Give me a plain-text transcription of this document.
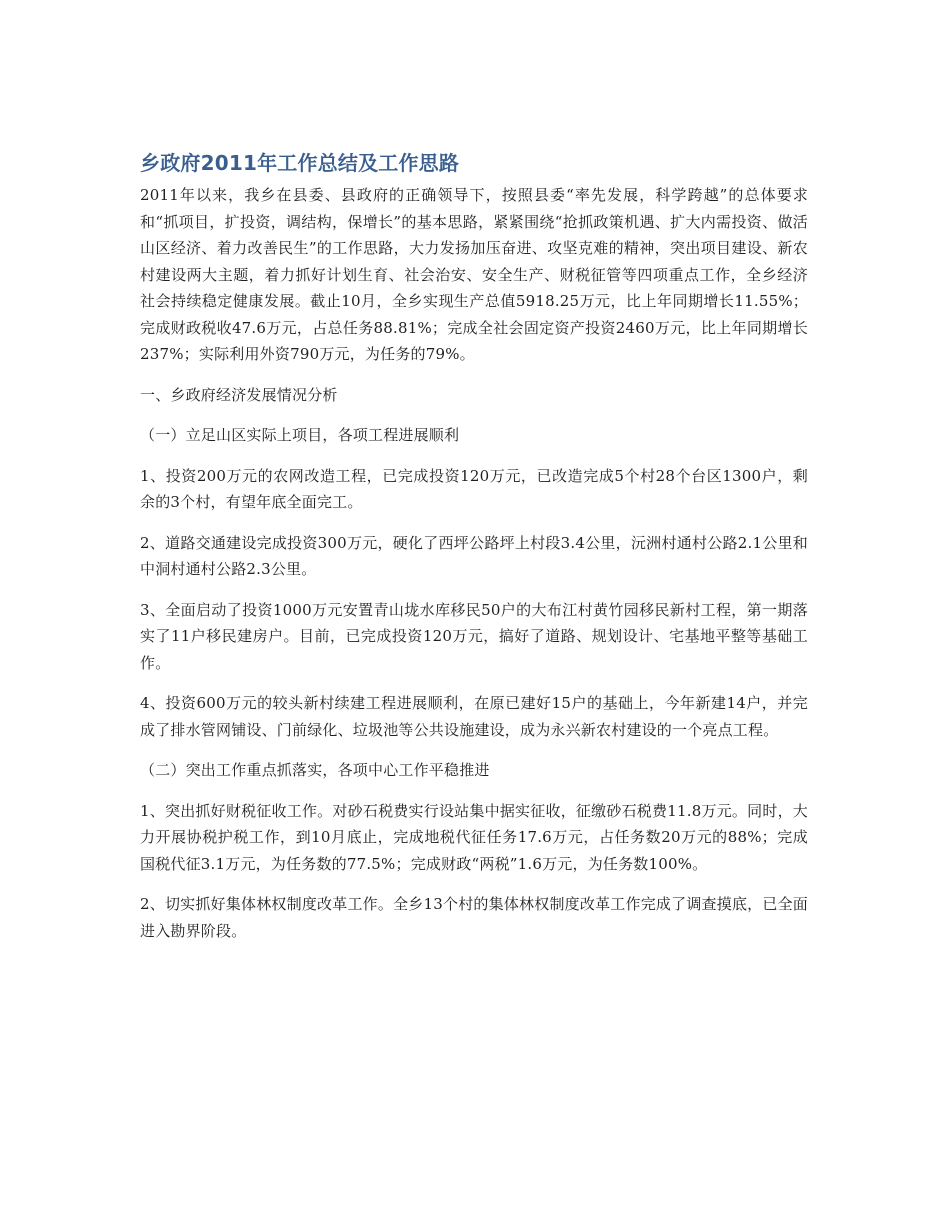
乡政府2011年工作总结及工作思路

2011年以来，我乡在县委、县政府的正确领导下，按照县委“率先发展，科学跨越”的总体要求和“抓项目，扩投资，调结构，保增长”的基本思路，紧紧围绕“抢抓政策机遇、扩大内需投资、做活山区经济、着力改善民生”的工作思路，大力发扬加压奋进、攻坚克难的精神，突出项目建设、新农村建设两大主题，着力抓好计划生育、社会治安、安全生产、财税征管等四项重点工作，全乡经济社会持续稳定健康发展。截止10月，全乡实现生产总值5918.25万元，比上年同期增长11.55%；完成财政税收47.6万元，占总任务88.81%；完成全社会固定资产投资2460万元，比上年同期增长237%；实际利用外资790万元，为任务的79%。

一、乡政府经济发展情况分析

（一）立足山区实际上项目，各项工程进展顺利

1、投资200万元的农网改造工程，已完成投资120万元，已改造完成5个村28个台区1300户，剩余的3个村，有望年底全面完工。

2、道路交通建设完成投资300万元，硬化了西坪公路坪上村段3.4公里，沅洲村通村公路2.1公里和中洞村通村公路2.3公里。

3、全面启动了投资1000万元安置青山垅水库移民50户的大布江村黄竹园移民新村工程，第一期落实了11户移民建房户。目前，已完成投资120万元，搞好了道路、规划设计、宅基地平整等基础工作。

4、投资600万元的较头新村续建工程进展顺利，在原已建好15户的基础上，今年新建14户，并完成了排水管网铺设、门前绿化、垃圾池等公共设施建设，成为永兴新农村建设的一个亮点工程。

（二）突出工作重点抓落实，各项中心工作平稳推进

1、突出抓好财税征收工作。对砂石税费实行设站集中据实征收，征缴砂石税费11.8万元。同时，大力开展协税护税工作，到10月底止，完成地税代征任务17.6万元，占任务数20万元的88%；完成国税代征3.1万元，为任务数的77.5%；完成财政“两税”1.6万元，为任务数100%。

2、切实抓好集体林权制度改革工作。全乡13个村的集体林权制度改革工作完成了调查摸底，已全面进入勘界阶段。
